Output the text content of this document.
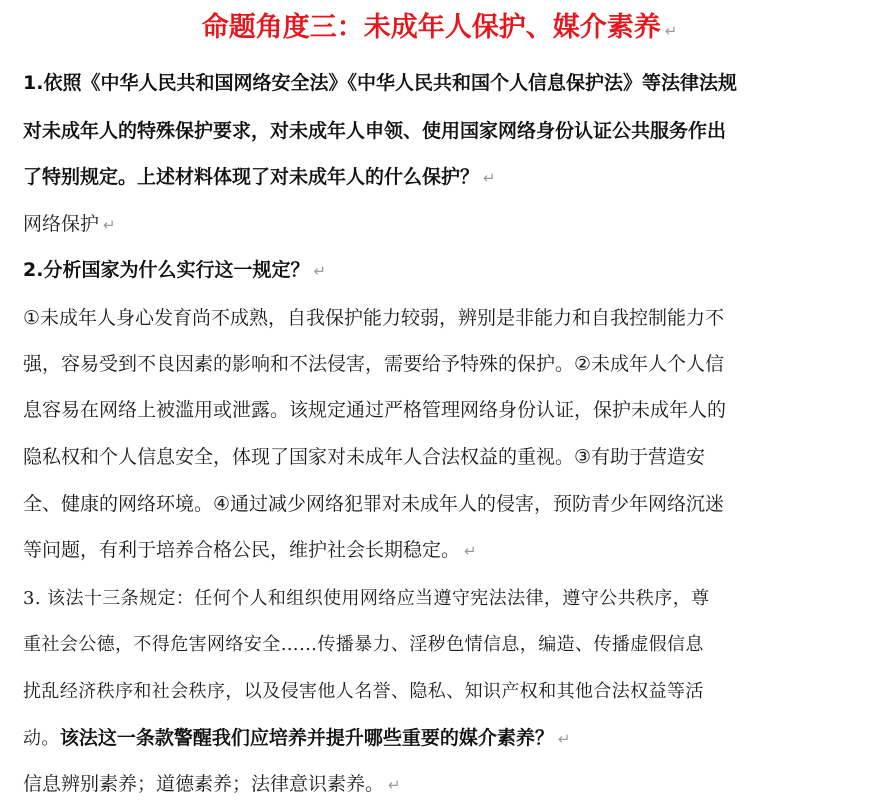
命题角度三：未成年人保护、媒介素养 ↵
1.依照《中华人民共和国网络安全法》《中华人民共和国个人信息保护法》等法律法规
对未成年人的特殊保护要求，对未成年人申领、使用国家网络身份认证公共服务作出
了特别规定。上述材料体现了对未成年人的什么保护？ ↵
网络保护 ↵
2.分析国家为什么实行这一规定？ ↵
①未成年人身心发育尚不成熟，自我保护能力较弱，辨别是非能力和自我控制能力不
强，容易受到不良因素的影响和不法侵害，需要给予特殊的保护。②未成年人个人信
息容易在网络上被滥用或泄露。该规定通过严格管理网络身份认证，保护未成年人的
隐私权和个人信息安全，体现了国家对未成年人合法权益的重视。③有助于营造安
全、健康的网络环境。④通过减少网络犯罪对未成年人的侵害，预防青少年网络沉迷
等问题，有利于培养合格公民，维护社会长期稳定。 ↵
3. 该法十三条规定：任何个人和组织使用网络应当遵守宪法法律，遵守公共秩序，尊
重社会公德，不得危害网络安全……传播暴力、淫秽色情信息，编造、传播虚假信息
扰乱经济秩序和社会秩序，以及侵害他人名誉、隐私、知识产权和其他合法权益等活
动。该法这一条款警醒我们应培养并提升哪些重要的媒介素养？ ↵
信息辨别素养；道德素养；法律意识素养。 ↵
